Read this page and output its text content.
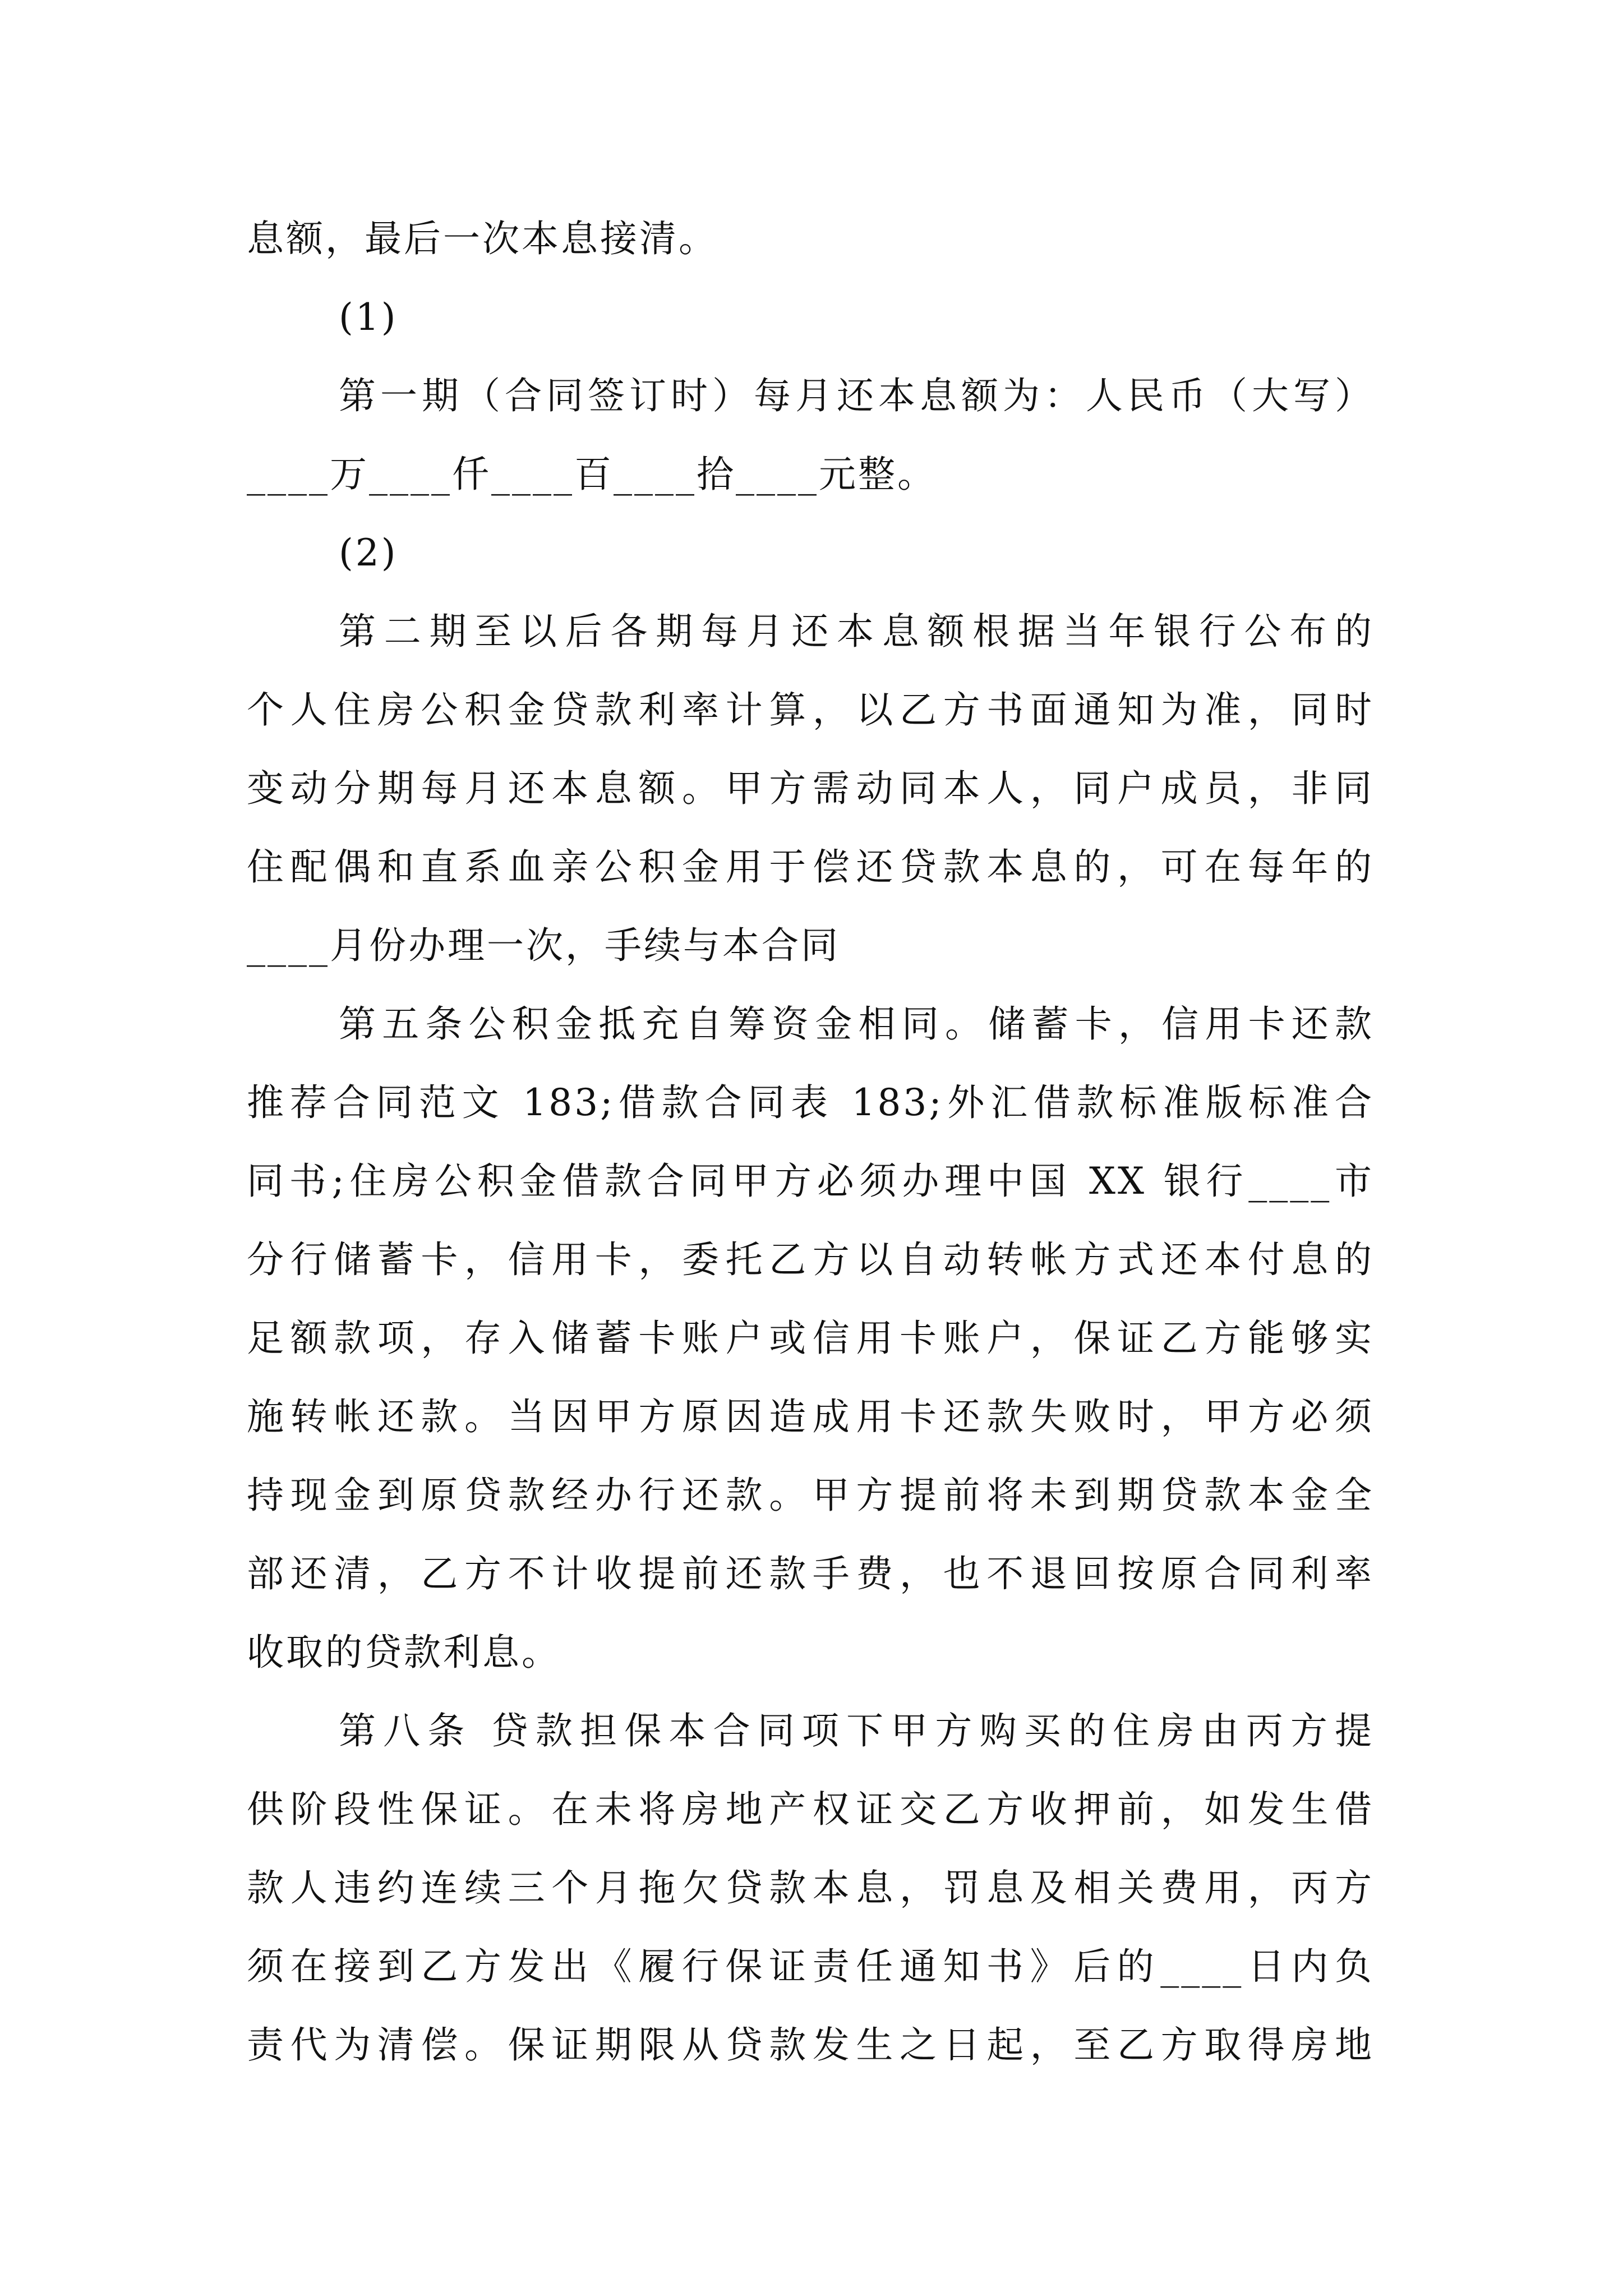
息额，最后一次本息接清。
(1)
第一期（合同签订时）每月还本息额为：人民币（大写）
____万____仟____百____拾____元整。
(2)
第二期至以后各期每月还本息额根据当年银行公布的
个人住房公积金贷款利率计算，以乙方书面通知为准，同时
变动分期每月还本息额。甲方需动同本人，同户成员，非同
住配偶和直系血亲公积金用于偿还贷款本息的，可在每年的
____月份办理一次，手续与本合同
第五条公积金抵充自筹资金相同。储蓄卡，信用卡还款
推荐合同范文 183;借款合同表 183;外汇借款标准版标准合
同书;住房公积金借款合同甲方必须办理中国 XX 银行____市
分行储蓄卡，信用卡，委托乙方以自动转帐方式还本付息的
足额款项，存入储蓄卡账户或信用卡账户，保证乙方能够实
施转帐还款。当因甲方原因造成用卡还款失败时，甲方必须
持现金到原贷款经办行还款。甲方提前将未到期贷款本金全
部还清，乙方不计收提前还款手费，也不退回按原合同利率
收取的贷款利息。
第八条 贷款担保本合同项下甲方购买的住房由丙方提
供阶段性保证。在未将房地产权证交乙方收押前，如发生借
款人违约连续三个月拖欠贷款本息，罚息及相关费用，丙方
须在接到乙方发出《履行保证责任通知书》后的____日内负
责代为清偿。保证期限从贷款发生之日起，至乙方取得房地
